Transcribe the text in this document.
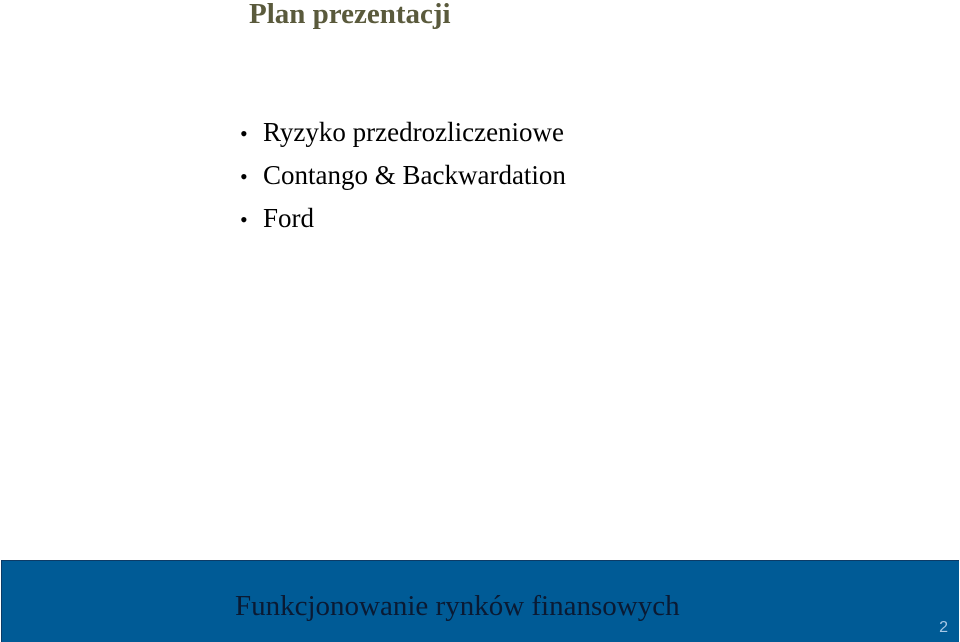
Plan prezentacji
• Ryzyko przedrozliczeniowe
• Contango & Backwardation
• Ford

Funkcjonowanie rynków finansowych

2
